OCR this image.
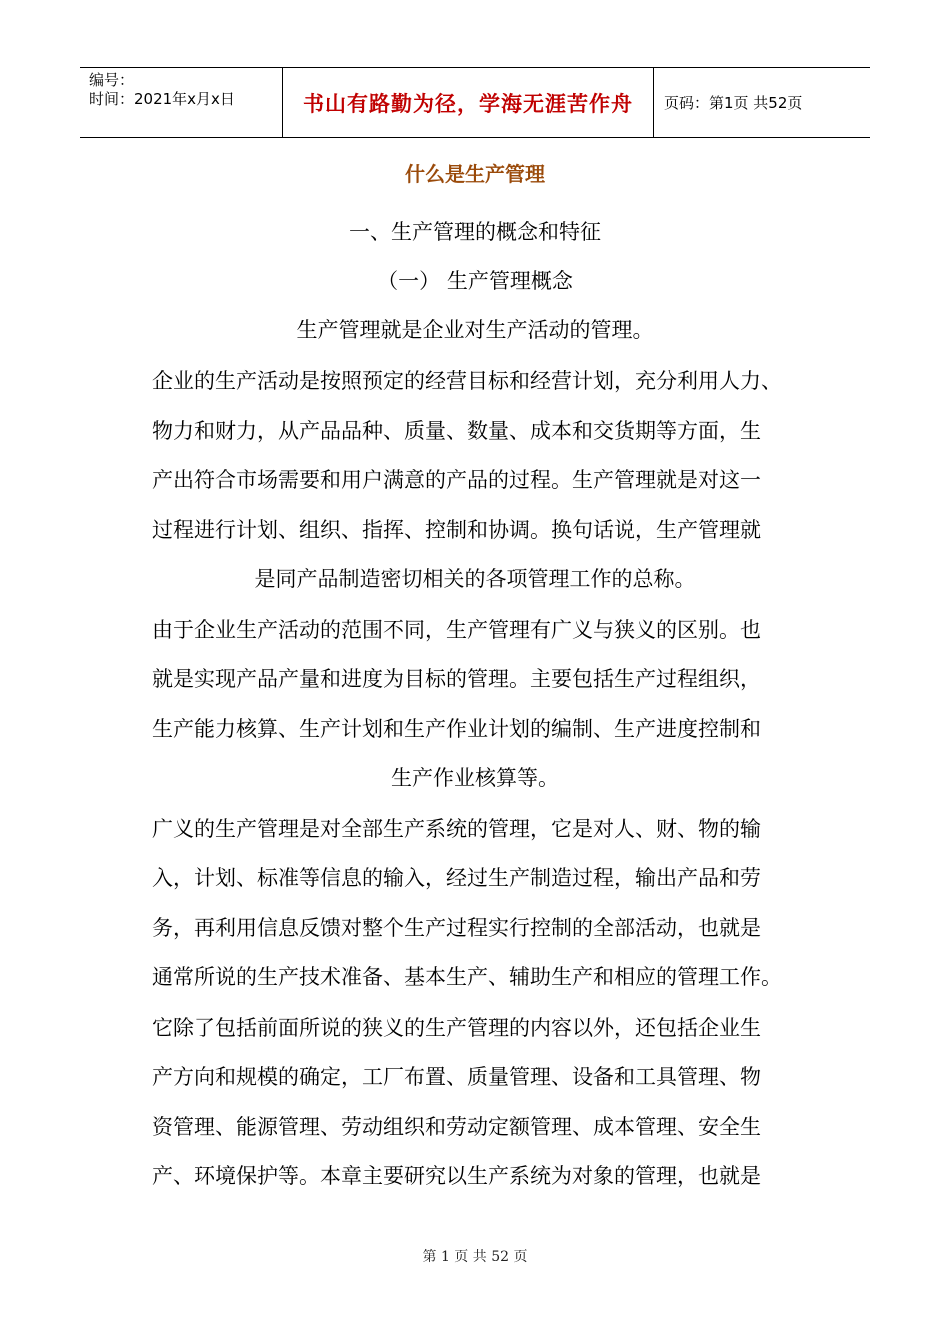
编号：
时间：2021年x月x日	书山有路勤为径，学海无涯苦作舟 页码：第1页 共52页
什么是生产管理
一、生产管理的概念和特征
（一） 生产管理概念
生产管理就是企业对生产活动的管理。
企业的生产活动是按照预定的经营目标和经营计划，充分利用人力、
物力和财力，从产品品种、质量、数量、成本和交货期等方面，生
产出符合市场需要和用户满意的产品的过程。生产管理就是对这一
过程进行计划、组织、指挥、控制和协调。换句话说，生产管理就
是同产品制造密切相关的各项管理工作的总称。
由于企业生产活动的范围不同，生产管理有广义与狭义的区别。也
就是实现产品产量和进度为目标的管理。主要包括生产过程组织，
生产能力核算、生产计划和生产作业计划的编制、生产进度控制和
生产作业核算等。
广义的生产管理是对全部生产系统的管理，它是对人、财、物的输
入，计划、标准等信息的输入，经过生产制造过程，输出产品和劳
务，再利用信息反馈对整个生产过程实行控制的全部活动，也就是
通常所说的生产技术准备、基本生产、辅助生产和相应的管理工作。
它除了包括前面所说的狭义的生产管理的内容以外，还包括企业生
产方向和规模的确定，工厂布置、质量管理、设备和工具管理、物
资管理、能源管理、劳动组织和劳动定额管理、成本管理、安全生
产、环境保护等。本章主要研究以生产系统为对象的管理，也就是
第 1 页 共 52 页
